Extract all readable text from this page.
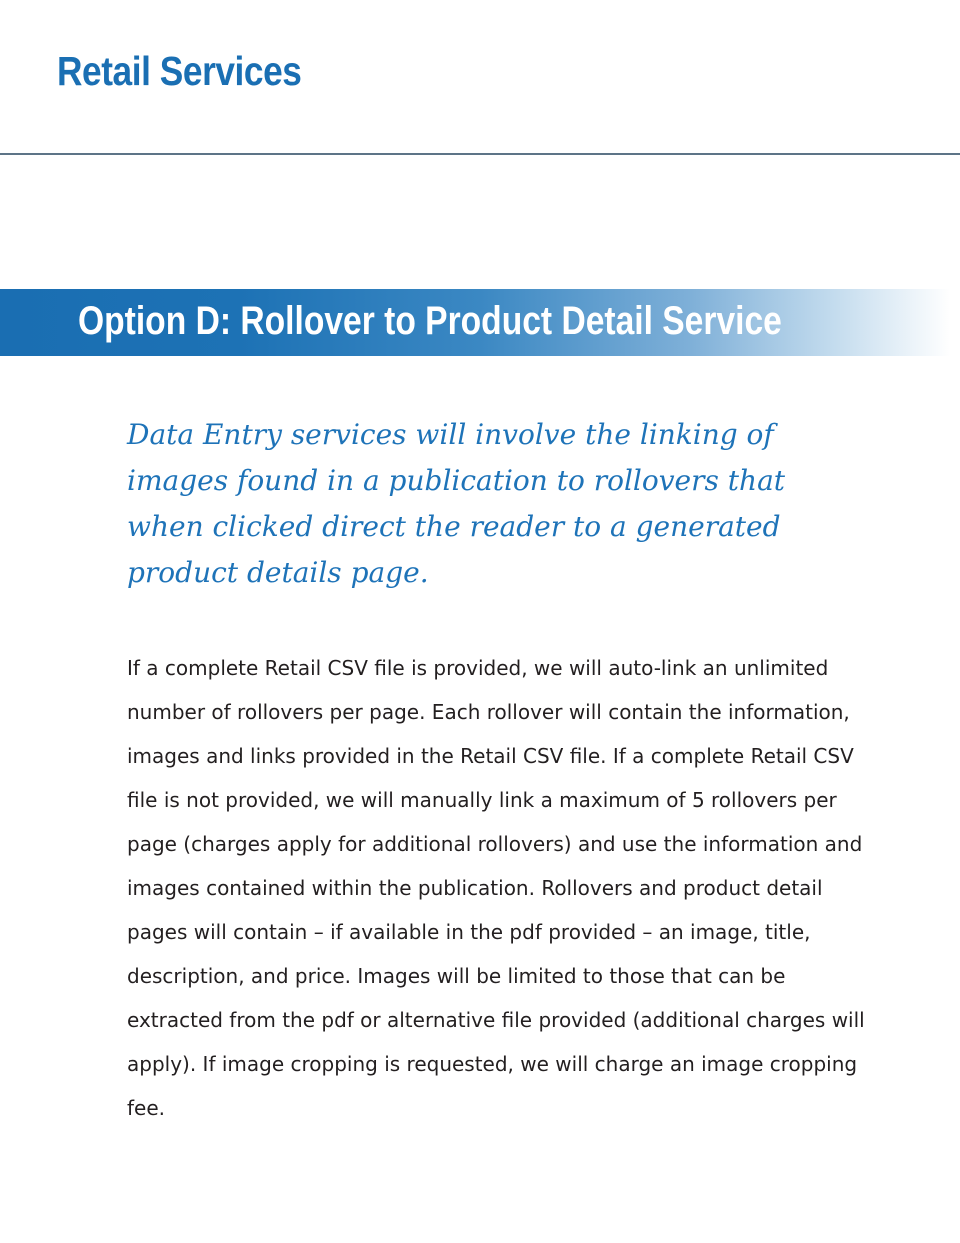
Retail Services
Option D: Rollover to Product Detail Service

Data Entry services will involve the linking of images found in a publication to rollovers that when clicked direct the reader to a generated product details page.

If a complete Retail CSV file is provided, we will auto-link an unlimited number of rollovers per page. Each rollover will contain the information, images and links provided in the Retail CSV file. If a complete Retail CSV file is not provided, we will manually link a maximum of 5 rollovers per page (charges apply for additional rollovers) and use the information and images contained within the publication. Rollovers and product detail pages will contain – if available in the pdf provided – an image, title, description, and price. Images will be limited to those that can be extracted from the pdf or alternative file provided (additional charges will apply). If image cropping is requested, we will charge an image cropping fee.
